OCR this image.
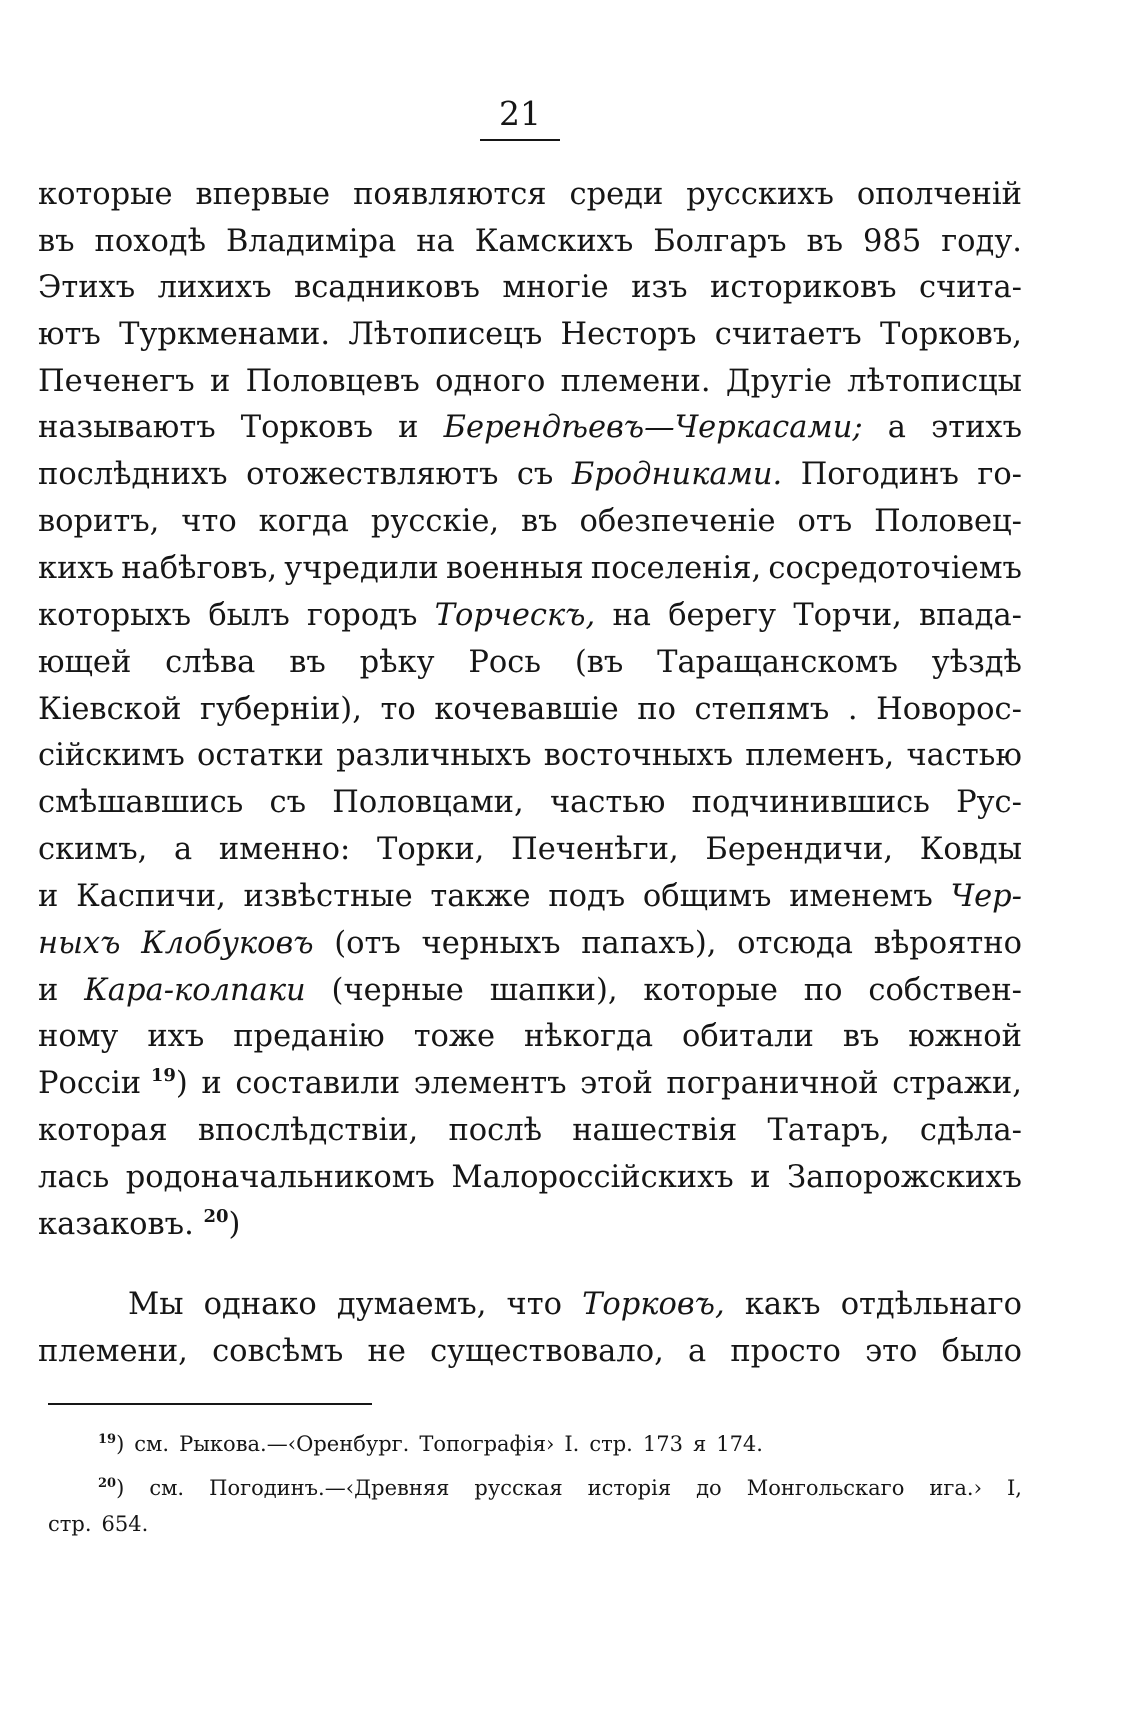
21
которые впервые появляются среди русскихъ ополченій
въ походѣ Владиміра на Камскихъ Болгаръ въ 985 году.
Этихъ лихихъ всадниковъ многіе изъ историковъ счита-
ютъ Туркменами. Лѣтописецъ Несторъ считаетъ Торковъ,
Печенегъ и Половцевъ одного племени. Другіе лѣтописцы
называютъ Торковъ и Берендѣевъ—Черкасами; а этихъ
послѣднихъ отожествляютъ съ Бродниками. Погодинъ го-
воритъ, что когда русскіе, въ обезпеченіе отъ Половец-
кихъ набѣговъ, учредили военныя поселенія, сосредоточіемъ
которыхъ былъ городъ Торческъ, на берегу Торчи, впада-
ющей слѣва въ рѣку Рось (въ Таращанскомъ уѣздѣ
Кіевской губерніи), то кочевавшіе по степямъ . Новорос-
сійскимъ остатки различныхъ восточныхъ племенъ, частью
смѣшавшись съ Половцами, частью подчинившись Рус-
скимъ, а именно: Торки, Печенѣги, Берендичи, Ковды
и Каспичи, извѣстные также подъ общимъ именемъ Чер-
ныхъ Клобуковъ (отъ черныхъ папахъ), отсюда вѣроятно
и Кара-колпаки (черные шапки), которые по собствен-
ному ихъ преданію тоже нѣкогда обитали въ южной
Россіи $^{19}$) и составили элементъ этой пограничной стражи,
которая впослѣдствіи, послѣ нашествія Татаръ, сдѣла-
лась родоначальникомъ Малороссійскихъ и Запорожскихъ
казаковъ. $^{20}$)
Мы однако думаемъ, что Торковъ, какъ отдѣльнаго
племени, совсѣмъ не существовало, а просто это было
$^{19}$) см. Рыкова.—‹Оренбург. Топографія› I. стр. 173 я 174.
$^{20}$) см. Погодинъ.—‹Древняя русская исторія до Монгольскаго ига.› I,
стр. 654.
